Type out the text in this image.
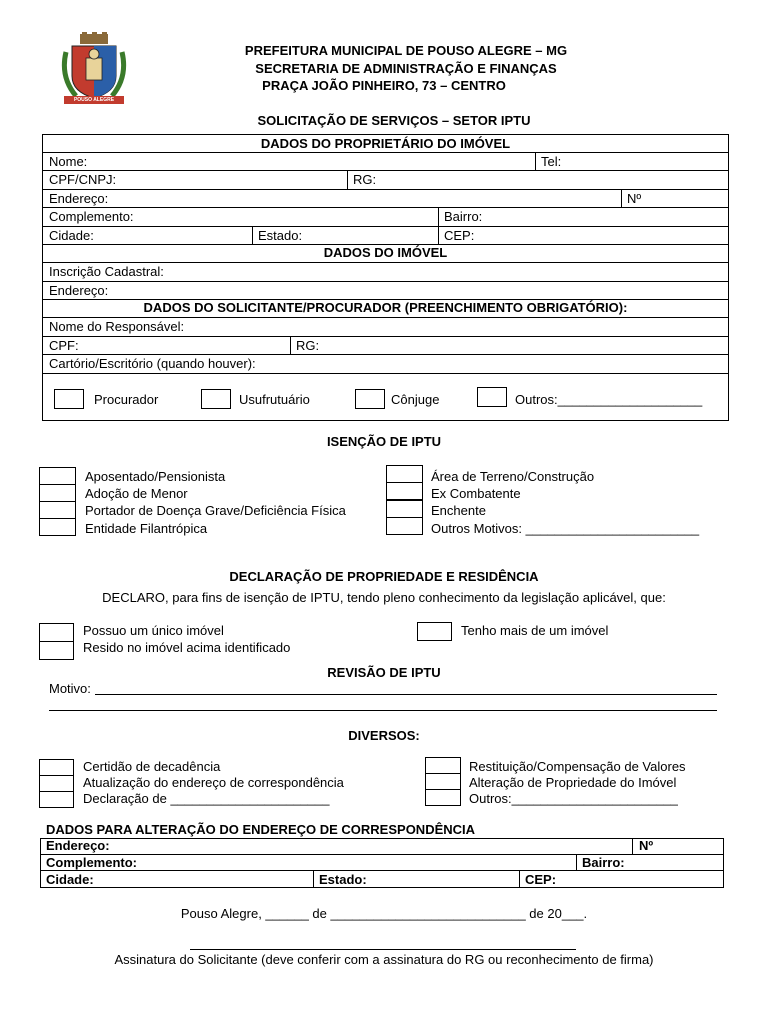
POUSO ALEGRE
PREFEITURA MUNICIPAL DE POUSO ALEGRE – MG
SECRETARIA DE ADMINISTRAÇÃO E FINANÇAS
PRAÇA JOÃO PINHEIRO, 73 – CENTRO
SOLICITAÇÃO DE SERVIÇOS – SETOR IPTU
DADOS DO PROPRIETÁRIO DO IMÓVEL
Nome:	Tel:
CPF/CNPJ:	RG:
Endereço:	Nº
Complemento:	Bairro:
Cidade:	Estado:	CEP:
DADOS DO IMÓVEL
Inscrição Cadastral:
Endereço:
DADOS DO SOLICITANTE/PROCURADOR (PREENCHIMENTO OBRIGATÓRIO):
Nome do Responsável:
CPF:	RG:
Cartório/Escritório (quando houver):
Procurador	Usufrutuário	Cônjuge	Outros:____________________
ISENÇÃO DE IPTU
Aposentado/Pensionista
Adoção de Menor
Portador de Doença Grave/Deficiência Física
Entidade Filantrópica
Área de Terreno/Construção
Ex Combatente
Enchente
Outros Motivos: ________________________
DECLARAÇÃO DE PROPRIEDADE E RESIDÊNCIA
DECLARO, para fins de isenção de IPTU, tendo pleno conhecimento da legislação aplicável, que:
Possuo um único imóvel
Resido no imóvel acima identificado
Tenho mais de um imóvel
REVISÃO DE IPTU
Motivo:
DIVERSOS:
Certidão de decadência
Atualização do endereço de correspondência
Declaração de ______________________
Restituição/Compensação de Valores
Alteração de Propriedade do Imóvel
Outros:_______________________
DADOS PARA ALTERAÇÃO DO ENDEREÇO DE CORRESPONDÊNCIA
Endereço:	Nº
Complemento:	Bairro:
Cidade:	Estado:	CEP:
Pouso Alegre, ______ de ___________________________ de 20___.
Assinatura do Solicitante (deve conferir com a assinatura do RG ou reconhecimento de firma)
